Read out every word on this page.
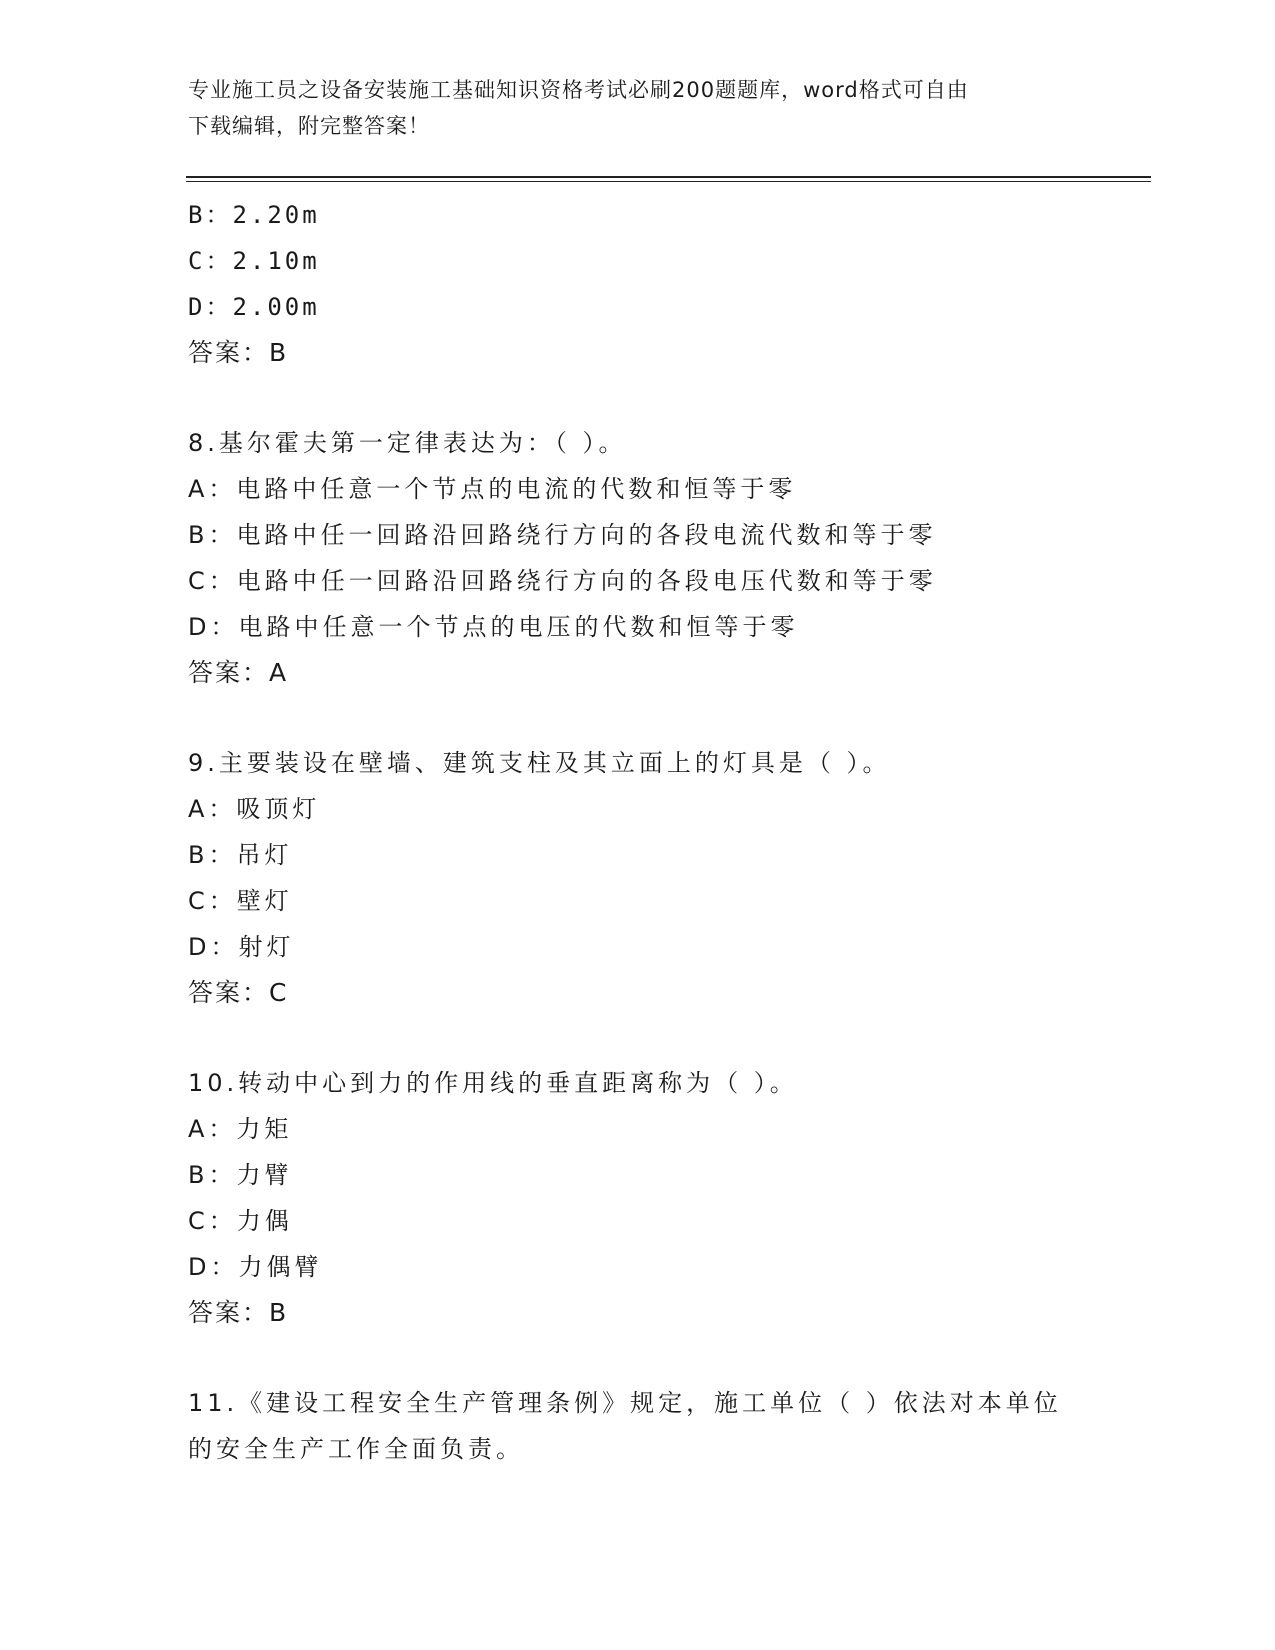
专业施工员之设备安装施工基础知识资格考试必刷200题题库，word格式可自由
下载编辑，附完整答案！
B：2.20m
C：2.10m
D：2.00m
答案：B
8.基尔霍夫第一定律表达为：（ ）。
A：电路中任意一个节点的电流的代数和恒等于零
B：电路中任一回路沿回路绕行方向的各段电流代数和等于零
C：电路中任一回路沿回路绕行方向的各段电压代数和等于零
D：电路中任意一个节点的电压的代数和恒等于零
答案：A
9.主要装设在壁墙、建筑支柱及其立面上的灯具是（ ）。
A：吸顶灯
B：吊灯
C：壁灯
D：射灯
答案：C
10.转动中心到力的作用线的垂直距离称为（ ）。
A：力矩
B：力臂
C：力偶
D：力偶臂
答案：B
11.《建设工程安全生产管理条例》规定，施工单位（ ）依法对本单位的安全生产工作全面负责。
